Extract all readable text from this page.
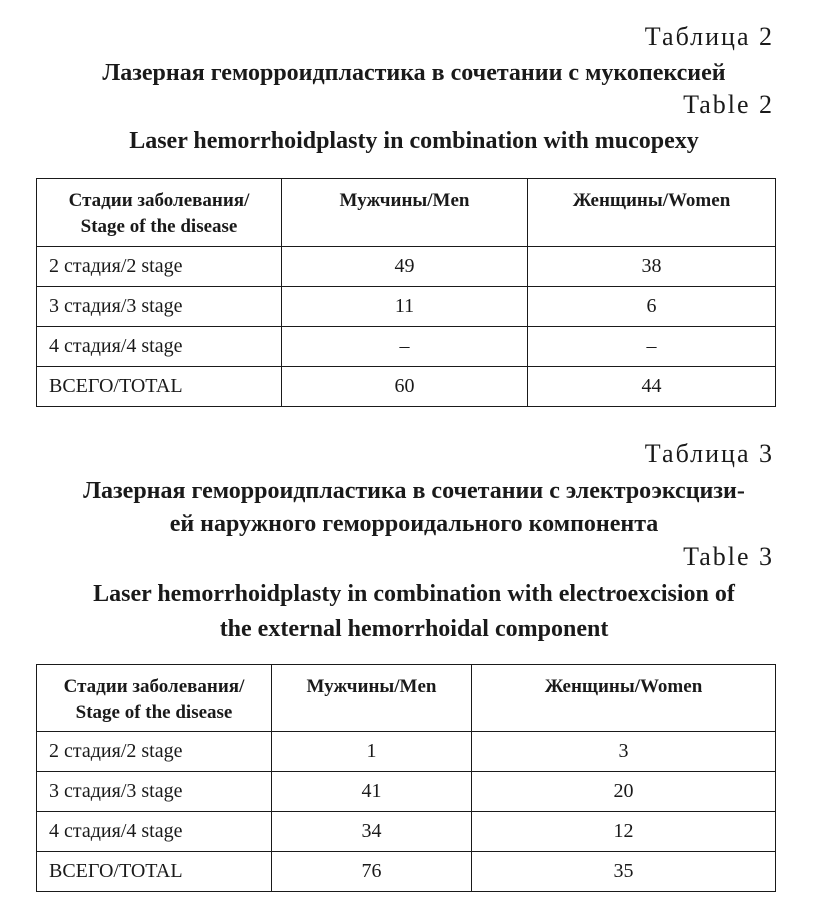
Таблица 2
Лазерная геморроидпластика в сочетании с мукопексией
Table 2
Laser hemorrhoidplasty in combination with mucopexy
Стадии заболевания/
Stage of the disease	Мужчины/Men	Женщины/Women
2 стадия/2 stage	49	38
3 стадия/3 stage	11	6
4 стадия/4 stage	–	–
ВСЕГО/TOTAL	60	44
Таблица 3
Лазерная геморроидпластика в сочетании с электроэксцизи-
ей наружного геморроидального компонента
Table 3
Laser hemorrhoidplasty in combination with electroexcision of
the external hemorrhoidal component
Стадии заболевания/
Stage of the disease	Мужчины/Men	Женщины/Women
2 стадия/2 stage	1	3
3 стадия/3 stage	41	20
4 стадия/4 stage	34	12
ВСЕГО/TOTAL	76	35
